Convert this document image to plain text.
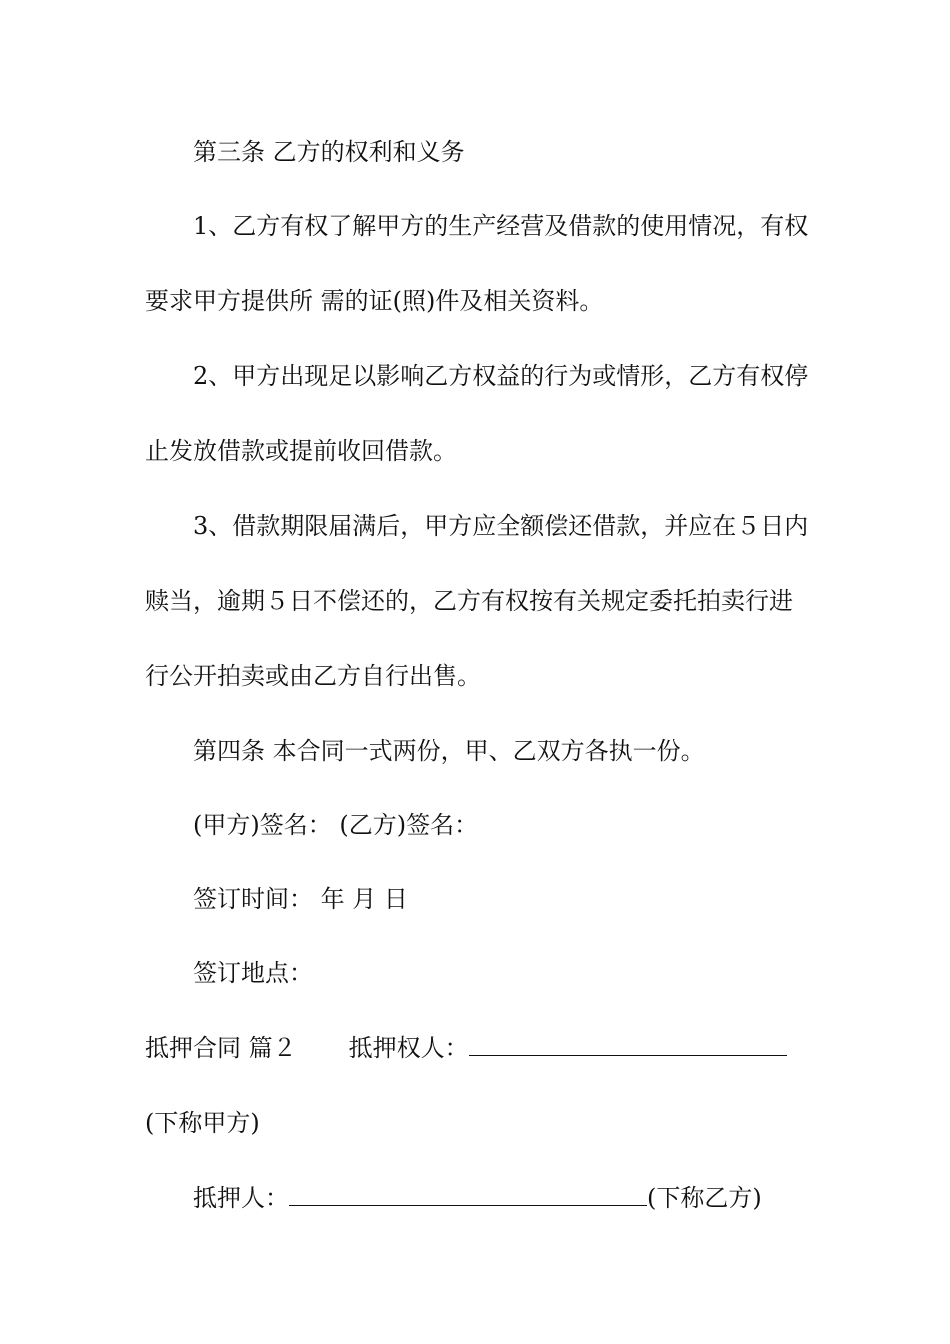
第三条 乙方的权利和义务
1、乙方有权了解甲方的生产经营及借款的使用情况，有权
要求甲方提供所 需的证(照)件及相关资料。
2、甲方出现足以影响乙方权益的行为或情形，乙方有权停
止发放借款或提前收回借款。
3、借款期限届满后，甲方应全额偿还借款，并应在５日内
赎当，逾期５日不偿还的，乙方有权按有关规定委托拍卖行进
行公开拍卖或由乙方自行出售。
第四条 本合同一式两份，甲、乙双方各执一份。
(甲方)签名： (乙方)签名：
签订时间： 年 月 日
签订地点：
抵押合同 篇２ 抵押权人：
(下称甲方)
抵押人：	(下称乙方)
